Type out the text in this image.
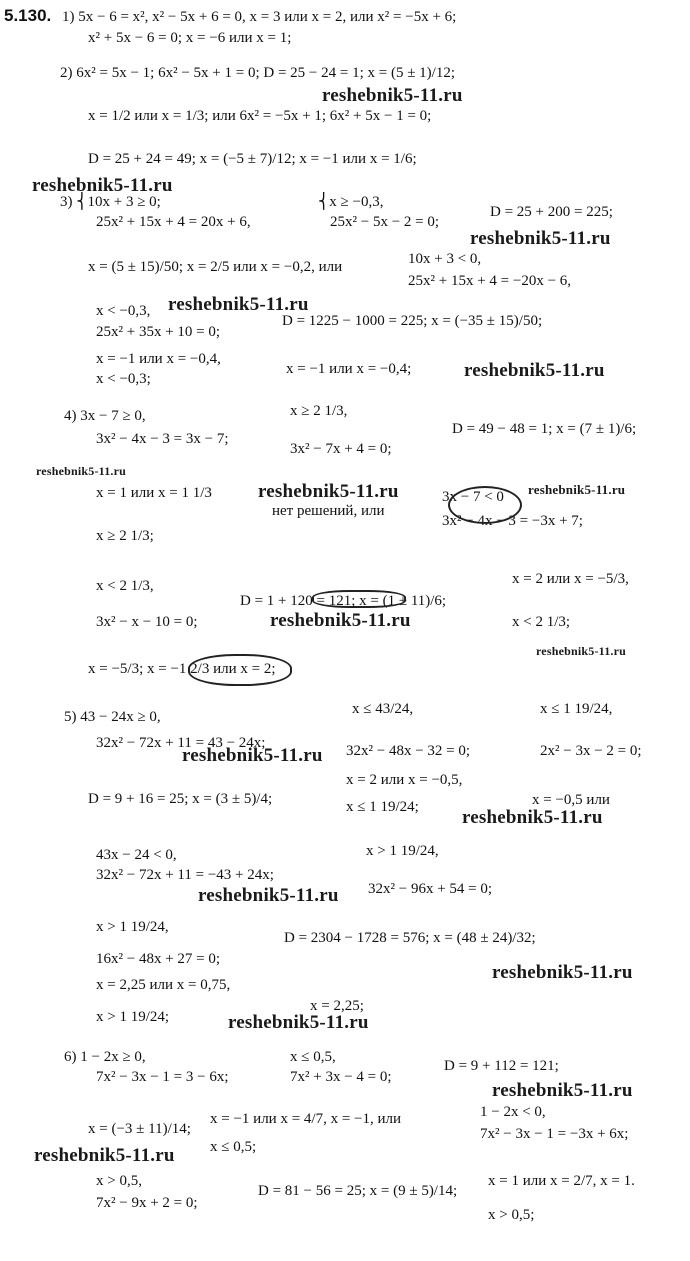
5.130. 1) 5x − 6 = x², x² − 5x + 6 = 0, x = 3 или x = 2, или x² = −5x + 6;
x² + 5x − 6 = 0; x = −6 или x = 1;
2) 6x² = 5x − 1; 6x² − 5x + 1 = 0; D = 25 − 24 = 1; x = (5 ± 1)/12;
reshebnik5-11.ru
x = 1/2 или x = 1/3; или 6x² = −5x + 1; 6x² + 5x − 1 = 0;
D = 25 + 24 = 49; x = (−5 ± 7)/12; x = −1 или x = 1/6;
reshebnik5-11.ru
3) ⎨10x + 3 ≥ 0;	⎨x ≥ −0,3,
25x² + 15x + 4 = 20x + 6,	25x² − 5x − 2 = 0;
D = 25 + 200 = 225;
reshebnik5-11.ru
x = (5 ± 15)/50; x = 2/5 или x = −0,2, или	10x + 3 < 0,
25x² + 15x + 4 = −20x − 6,
x < −0,3, reshebnik5-11.ru
25x² + 35x + 10 = 0;
D = 1225 − 1000 = 225; x = (−35 ± 15)/50;
x = −1 или x = −0,4,
x = −1 или x = −0,4;	reshebnik5-11.ru
x < −0,3;
4) 3x − 7 ≥ 0,	x ≥ 2 1/3,
3x² − 4x − 3 = 3x − 7;
3x² − 7x + 4 = 0;
D = 49 − 48 = 1; x = (7 ± 1)/6;
reshebnik5-11.ru
x = 1 или x = 1 1/3 reshebnik5-11.ru	3x − 7 < 0 reshebnik5-11.ru
нет решений, или
3x² − 4x − 3 = −3x + 7;
x ≥ 2 1/3;
x < 2 1/3,
D = 1 + 120 = 121; x = (1 ± 11)/6;
x = 2 или x = −5/3,
3x² − x − 10 = 0;	reshebnik5-11.ru	x < 2 1/3;
reshebnik5-11.ru
x = −5/3; x = −1 2/3 или x = 2;
5) 43 − 24x ≥ 0,	x ≤ 43/24,	x ≤ 1 19/24,
32x² − 72x + 11 = 43 − 24x;	32x² − 48x − 32 = 0;	2x² − 3x − 2 = 0;
reshebnik5-11.ru
D = 9 + 16 = 25; x = (3 ± 5)/4;
x = 2 или x = −0,5,
x ≤ 1 19/24;	x = −0,5 или
reshebnik5-11.ru
43x − 24 < 0,	x > 1 19/24,
32x² − 72x + 11 = −43 + 24x;
32x² − 96x + 54 = 0;
reshebnik5-11.ru
x > 1 19/24,
D = 2304 − 1728 = 576; x = (48 ± 24)/32;
16x² − 48x + 27 = 0;
reshebnik5-11.ru
x = 2,25 или x = 0,75,
x = 2,25;
x > 1 19/24;	reshebnik5-11.ru
6) 1 − 2x ≥ 0,	x ≤ 0,5,
D = 9 + 112 = 121;
7x² − 3x − 1 = 3 − 6x;	7x² + 3x − 4 = 0;
reshebnik5-11.ru
x = (−3 ± 11)/14;
x = −1 или x = 4/7, x = −1, или	1 − 2x < 0,
x ≤ 0,5;
7x² − 3x − 1 = −3x + 6x;
reshebnik5-11.ru
x > 0,5,
D = 81 − 56 = 25; x = (9 ± 5)/14;
x = 1 или x = 2/7, x = 1.
7x² − 9x + 2 = 0;
x > 0,5;
